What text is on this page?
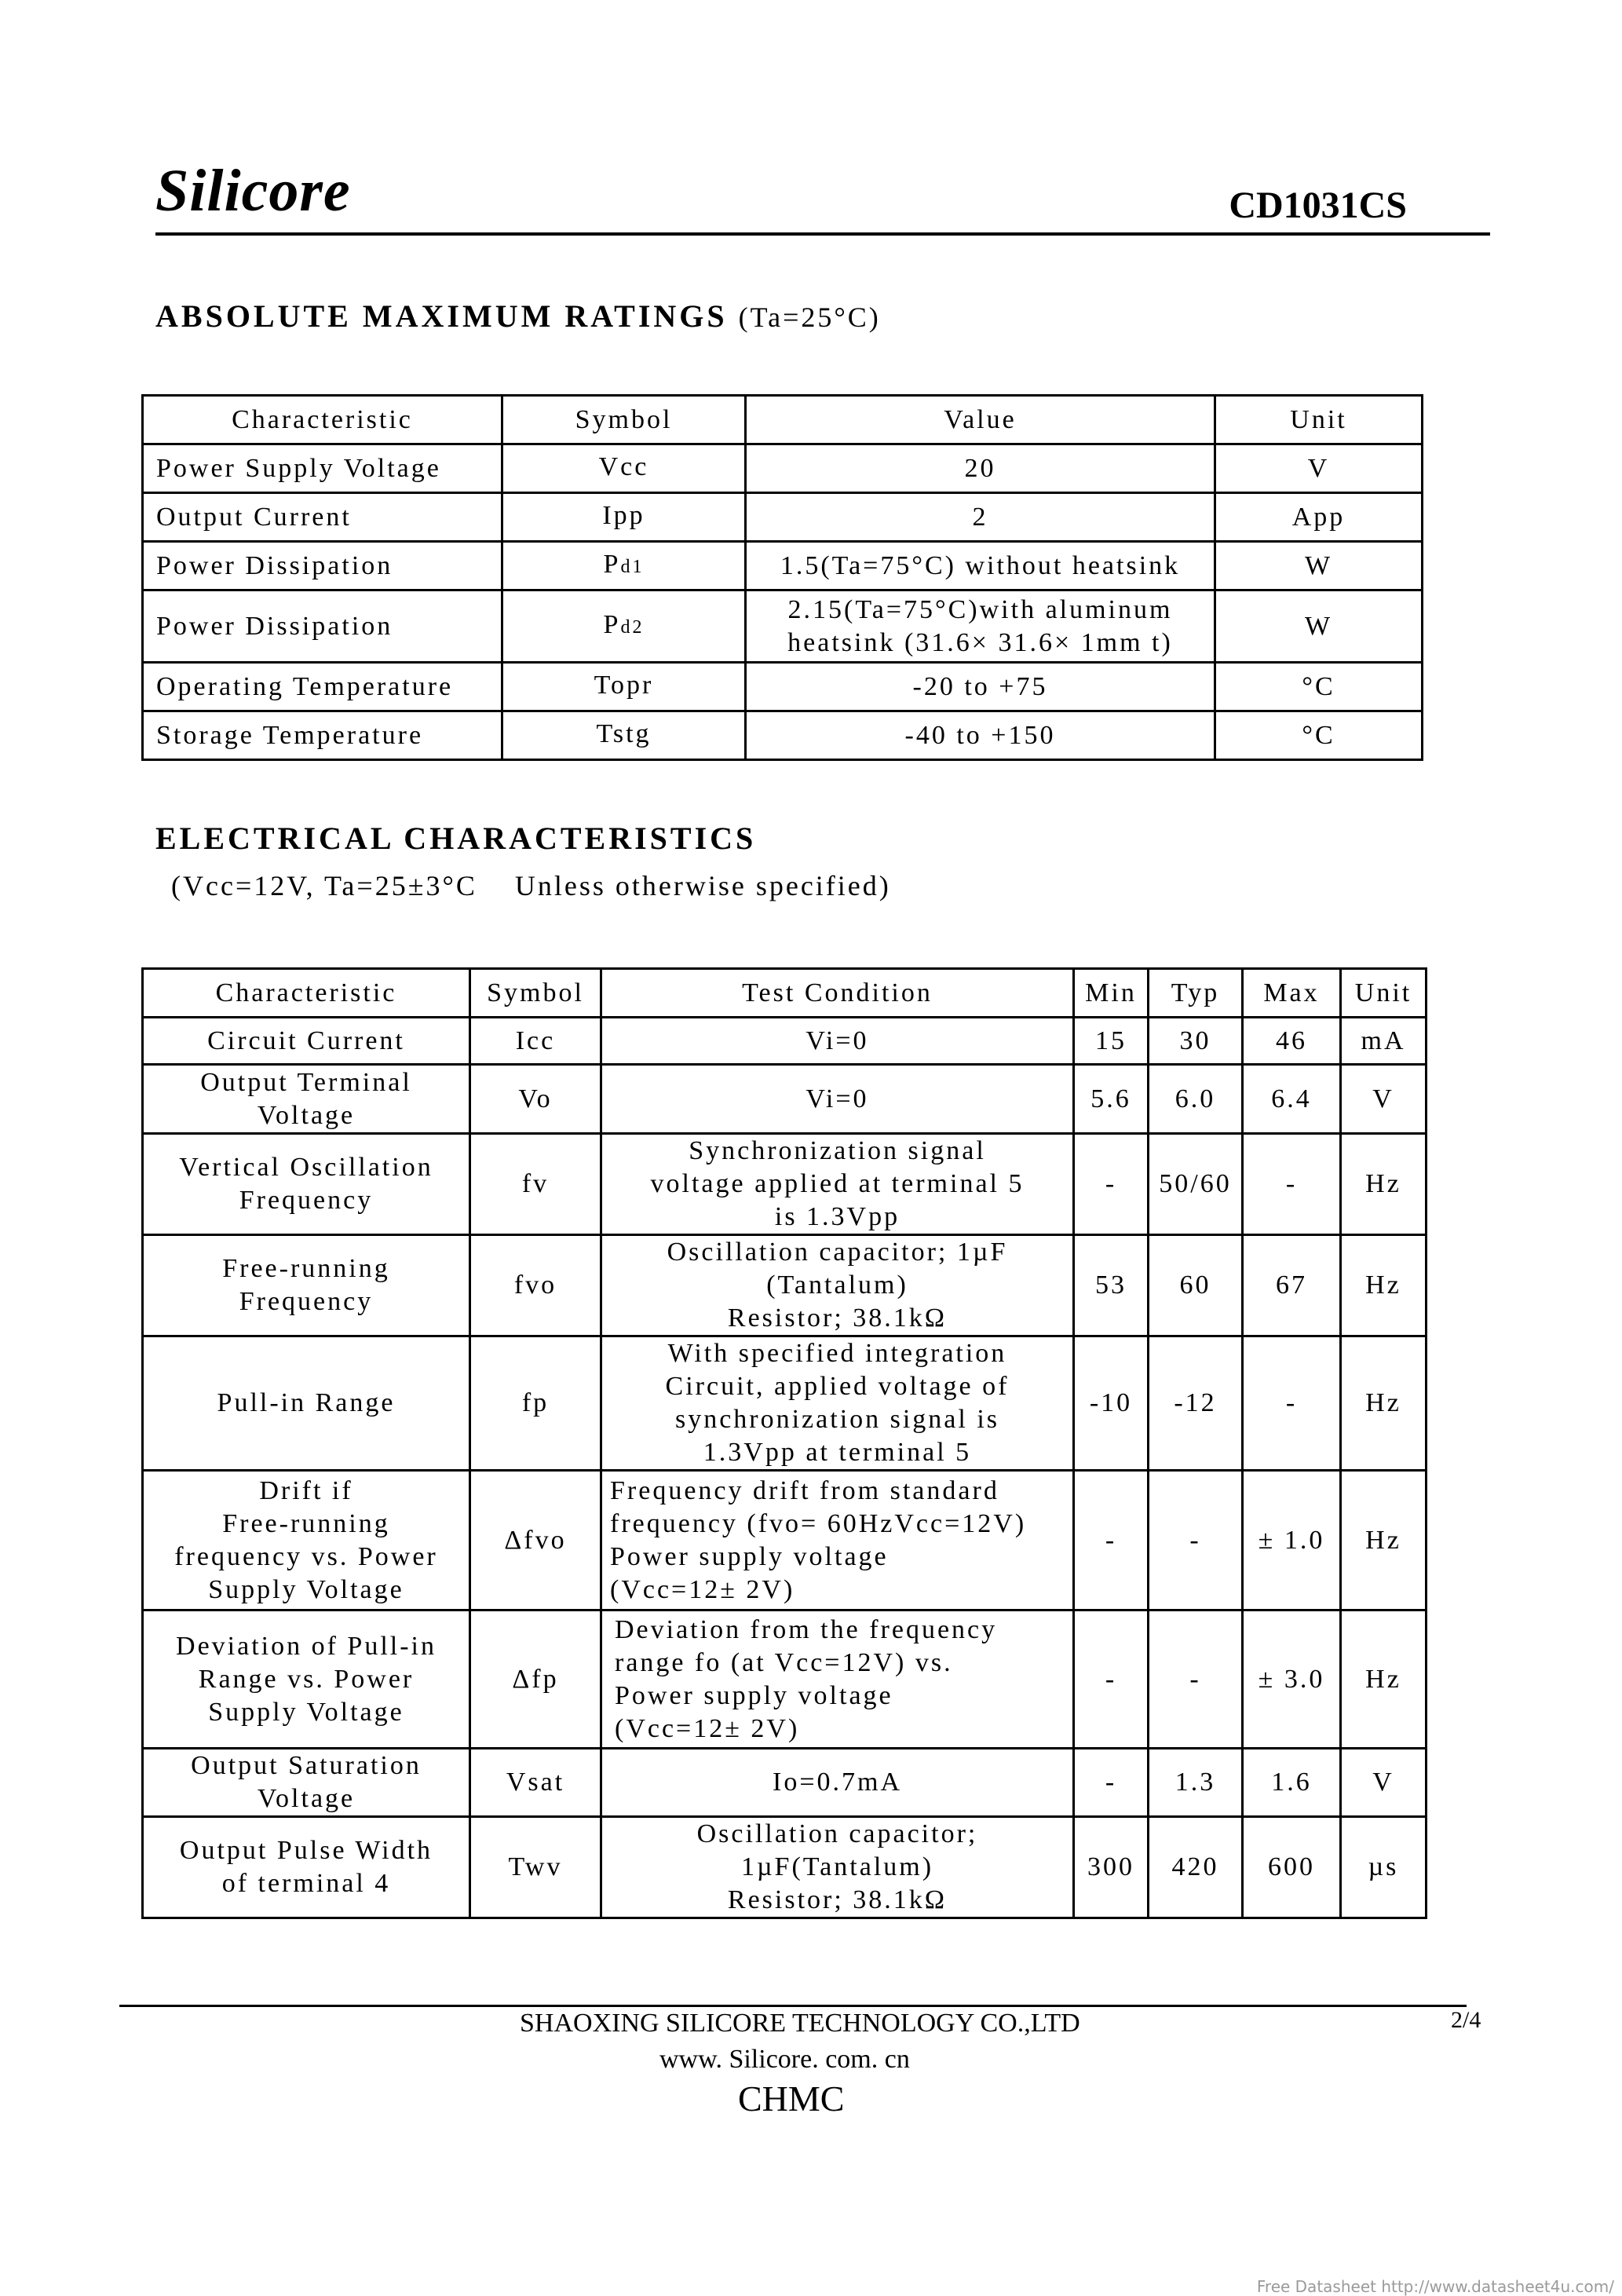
Silicore	CD1031CS
ABSOLUTE MAXIMUM RATINGS (Ta=25°C)
Characteristic	Symbol	Value	Unit
Power Supply Voltage	Vcc	20	V
Output Current	Ipp	2	App
Power Dissipation	Pd1	1.5(Ta=75°C) without heatsink	W
Power Dissipation	Pd2	2.15(Ta=75°C)with aluminum
heatsink (31.6× 31.6× 1mm t)	W
Operating Temperature	Topr	-20 to +75	°C
Storage Temperature	Tstg	-40 to +150	°C
ELECTRICAL CHARACTERISTICS
(Vcc=12V, Ta=25±3°C    Unless otherwise specified)
Characteristic	Symbol	Test Condition	Min	Typ	Max	Unit
Circuit Current	Icc	Vi=0	15	30	46	mA
Output Terminal
Voltage	Vo	Vi=0	5.6	6.0	6.4	V
Vertical Oscillation
Frequency	fv	Synchronization signal
voltage applied at terminal 5
is 1.3Vpp	-	50/60	-	Hz
Free-running
Frequency	fvo	Oscillation capacitor; 1µF
(Tantalum)
Resistor; 38.1kΩ	53	60	67	Hz
Pull-in Range	fp	With specified integration
Circuit, applied voltage of
synchronization signal is
1.3Vpp at terminal 5	-10	-12	-	Hz
Drift if
Free-running
frequency vs. Power
Supply Voltage	Δfvo	Frequency drift from standard
frequency (fvo= 60HzVcc=12V)
Power supply voltage
(Vcc=12± 2V)	-	-	± 1.0	Hz
Deviation of Pull-in
Range vs. Power
Supply Voltage	Δfp	Deviation from the frequency
range fo (at Vcc=12V) vs.
Power supply voltage
(Vcc=12± 2V)	-	-	± 3.0	Hz
Output Saturation
Voltage	Vsat	Io=0.7mA	-	1.3	1.6	V
Output Pulse Width
of terminal 4	Twv	Oscillation capacitor;
1µF(Tantalum)
Resistor; 38.1kΩ	300	420	600	µs
SHAOXING SILICORE TECHNOLOGY CO.,LTD	2/4
www. Silicore. com. cn
CHMC
Free Datasheet http://www.datasheet4u.com/
